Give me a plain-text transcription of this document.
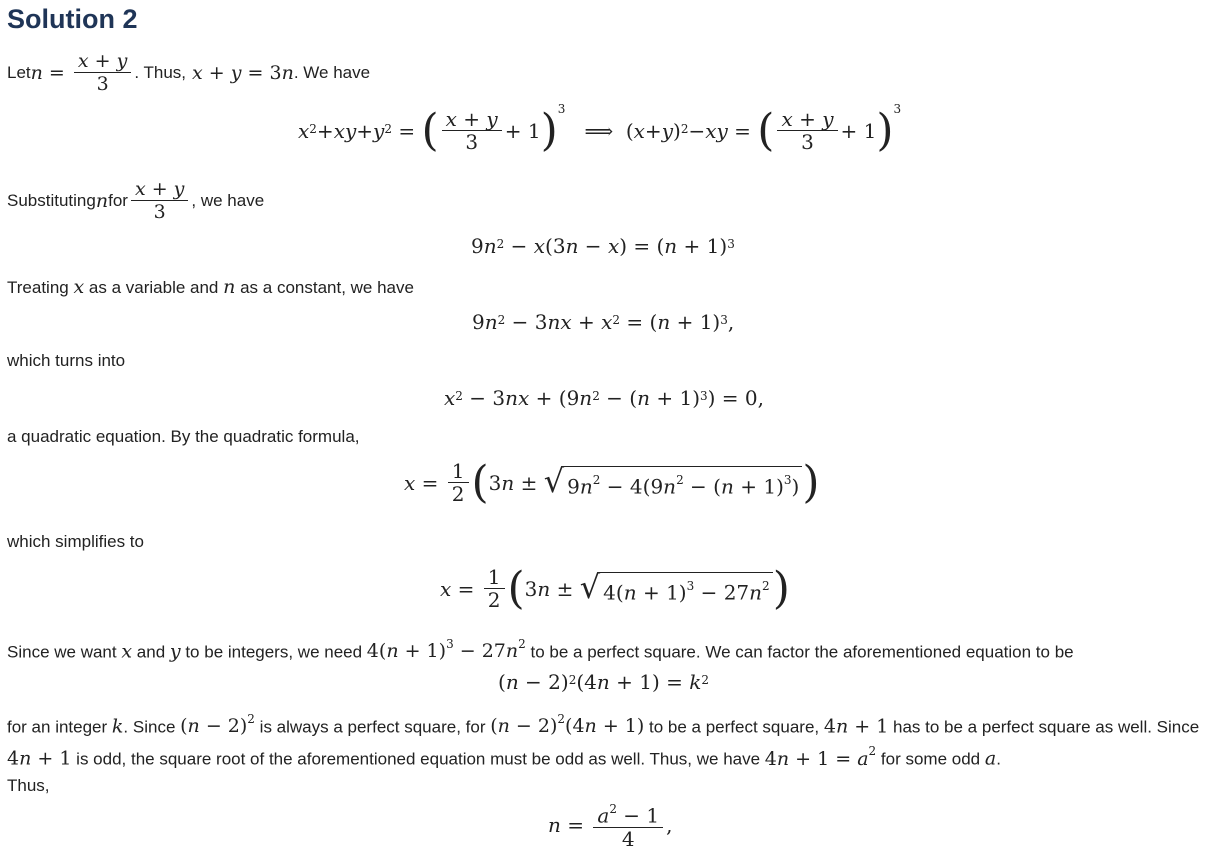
Solution 2
Let $n = \frac{x + y}{3}$ . Thus, x + y = 3n . We have
$x^2$ + xy + $y^2$ = ( $\frac{x + y}{3} + 1$ )$^3$
⟹  ( x + y )$^2$ − xy = ( $\frac{x + y}{3} + 1$ )$^3$
Substituting n for $\frac{x + y}{3}$ , we have
9 $n^2 - x$ (3 n − x ) = ( n + 1)$^3$
Treating x as a variable and n as a constant, we have
9 $n^2 - 3$ nx + $x^2$ = ( n + 1)$^3$ ,

which turns into

$x^2 - 3$ nx + (9 $n^2$ − ( n + 1)$^3$ ) = 0,

a quadratic equation. By the quadratic formula,

$x = \frac{1}{2}$ ( 3 n ± √ $9n^2 - 4(9n^2 - (n + 1)^3)$ )

which simplifies to

$x = \frac{1}{2}$ ( 3 n ± √ $4(n + 1)^3 - 27n^2$ )
Since we want x and y to be integers, we need $4(n + 1)^3 - 27n^2$ to be a perfect square. We can factor the aforementioned equation to be
( n − 2)$^2$ (4 $n + 1) = k^2$
for an integer k. Since $(n - 2)^2$ is always a perfect square, for $(n - 2)^2(4n + 1)$ to be a perfect square, 4n + 1 has to be a perfect square as well. Since 4n + 1 is odd, the square root of the aforementioned equation must be odd as well. Thus, we have $4n + 1 = a^2$ for some odd a.
Thus,
$n = \frac{a^2 - 1}{4}$ ,
